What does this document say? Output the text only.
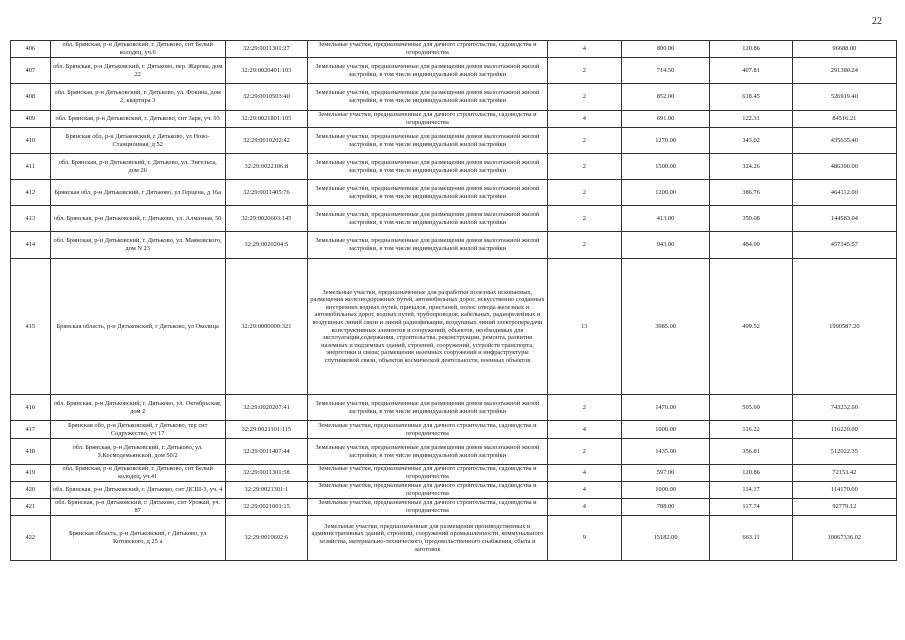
22
406	обл. Брянская, р-н Дятьковский, г. Дятьково, снт Белый колодец, уч.6	32:29:0011301:27	Земельные участки, предназначенные для дачного строительства, садоводства и огородничества	4	800.00	120.86	96688.00
407	обл. Брянская, р-н Дятьковский, г. Дятьково, пер. Жарова, дом 22	32:29:0020401:103	Земельные участки, предназначенные для размещения домов малоэтажной жилой застройки, в том числе индивидуальной жилой застройки	2	714.50	407.81	291380.24
408	обл. Брянская, р-н Дятьковский, г. Дятьково, ул. Фокина, дом 2, квартира 3	32:29:0010503:40	Земельные участки, предназначенные для размещения домов малоэтажной жилой застройки, в том числе индивидуальной жилой застройки	2	852.00	618.45	526919.40
409	обл. Брянская, р-н Дятьковский, г. Дятьково, снт Заря, уч. 93	32:29:0021801:105	Земельные участки, предназначенные для дачного строительства, садоводства и огородничества	4	691.00	122.31	84516.21
410	Брянская обл, р-н Дятьковский, г Дятьково, ул Ново-Станционная, д 52	32:29:0010202:42	Земельные участки, предназначенные для размещения домов малоэтажной жилой застройки, в том числе индивидуальной жилой застройки	2	1270.00	343.02	435635.40
411	обл. Брянская, р-н Дятьковский, г. Дятьково, ул. Энгельса, дом 26	32:29:0022106:8	Земельные участки, предназначенные для размещения домов малоэтажной жилой застройки, в том числе индивидуальной жилой застройки	2	1500.00	324.26	486390.00
412	Брянская обл, р-н Дятьковский, г Дятьково, ул Герцена, д 16а	32:29:0011405:76	Земельные участки, предназначенные для размещения домов малоэтажной жилой застройки, в том числе индивидуальной жилой застройки	2	1200.00	386.76	464112.00
413	обл. Брянская, р-н Дятьковский, г. Дятьково, ул. Алмазная, 50	32:29:0020603:145	Земельные участки, предназначенные для размещения домов малоэтажной жилой застройки, в том числе индивидуальной жилой застройки	2	413.00	350.08	144583.04
414	обл. Брянская, р-н Дятьковский, г. Дятьково, ул. Маяковского, дом N 23	32:29:0020204:5	Земельные участки, предназначенные для размещения домов малоэтажной жилой застройки, в том числе индивидуальной жилой застройки	2	943.00	484.99	457345.57
415	Брянская область, р-н Дятьковский, г Дятьково, ул Околица	32:29:0000000:321	Земельные участки, предназначенные для разработки полезных ископаемых, размещения железнодорожных путей, автомобильных дорог, искусственно созданных внутренних водных путей, причалов, пристаней, полос отвода железных и автомобильных дорог, водных путей, трубопроводов, кабельных, радиорелейных и воздушных линий связи и линий радиофикации, воздушных линий электропередачи конструктивных элементов и сооружений, объектов, необходимых для эксплуатации,содержания, строительства, реконструкции, ремонта, развития наземных и подземных зданий, строений, сооружений, устройств транспорта, энергетики и связи; размещения наземных сооружений и инфраструктуры спутниковой связи, объектов космической деятельности, военных объектов	13	3985.00	499.52	1990587.20
416	обл. Брянская, р-н Дятьковский, г. Дятьково, ул. Октябрьская, дом 2	32:29:0020207:41	Земельные участки, предназначенные для размещения домов малоэтажной жилой застройки, в том числе индивидуальной жилой застройки	2	1470.00	505.60	743232.00
417	Брянская обл, р-н Дятьковский, г Дятьково, тер снт Содружество, уч 17	32:29:0021101:115	Земельные участки, предназначенные для дачного строительства, садоводства и огородничества	4	1000.00	116.22	116220.00
418	обл. Брянская, р-н Дятьковский, г. Дятьково, ул. З.Космодемьянской, дом 50/2	32:29:0011407:44	Земельные участки, предназначенные для размещения домов малоэтажной жилой застройки, в том числе индивидуальной жилой застройки	2	1435.00	356.81	512022.35
419	обл. Брянская, р-н Дятьковский, г. Дятьково, снт Белый колодец, уч.41	32:29:0011301:58	Земельные участки, предназначенные для дачного строительства, садоводства и огородничества	4	597.00	120.86	72153.42
420	обл. Брянская, р-н Дятьковский, г. Дятьково, снт ДСШ-3, уч. 4	32:29:0021301:1	Земельные участки, предназначенные для дачного строительства, садоводства и огородничества	4	1000.00	114.17	114170.00
421	обл. Брянская, р-н Дятьковский, г. Дятьково, снт Урожай, уч. 87	32:29:0021001:15	Земельные участки, предназначенные для дачного строительства, садоводства и огородничества	4	788.00	117.74	92779.12
422	Брянская область, р-н Дятьковский, г Дятьково, ул Котовского, д 25 а	32:29:0010602:6	Земельные участки, предназначенные для размещения производственных и административных зданий, строений, сооружений промышленности, коммунального хозяйства, материально-технического, продовольственного снабжения, сбыта и заготовок	9	15182.00	663.11	10067336.02
